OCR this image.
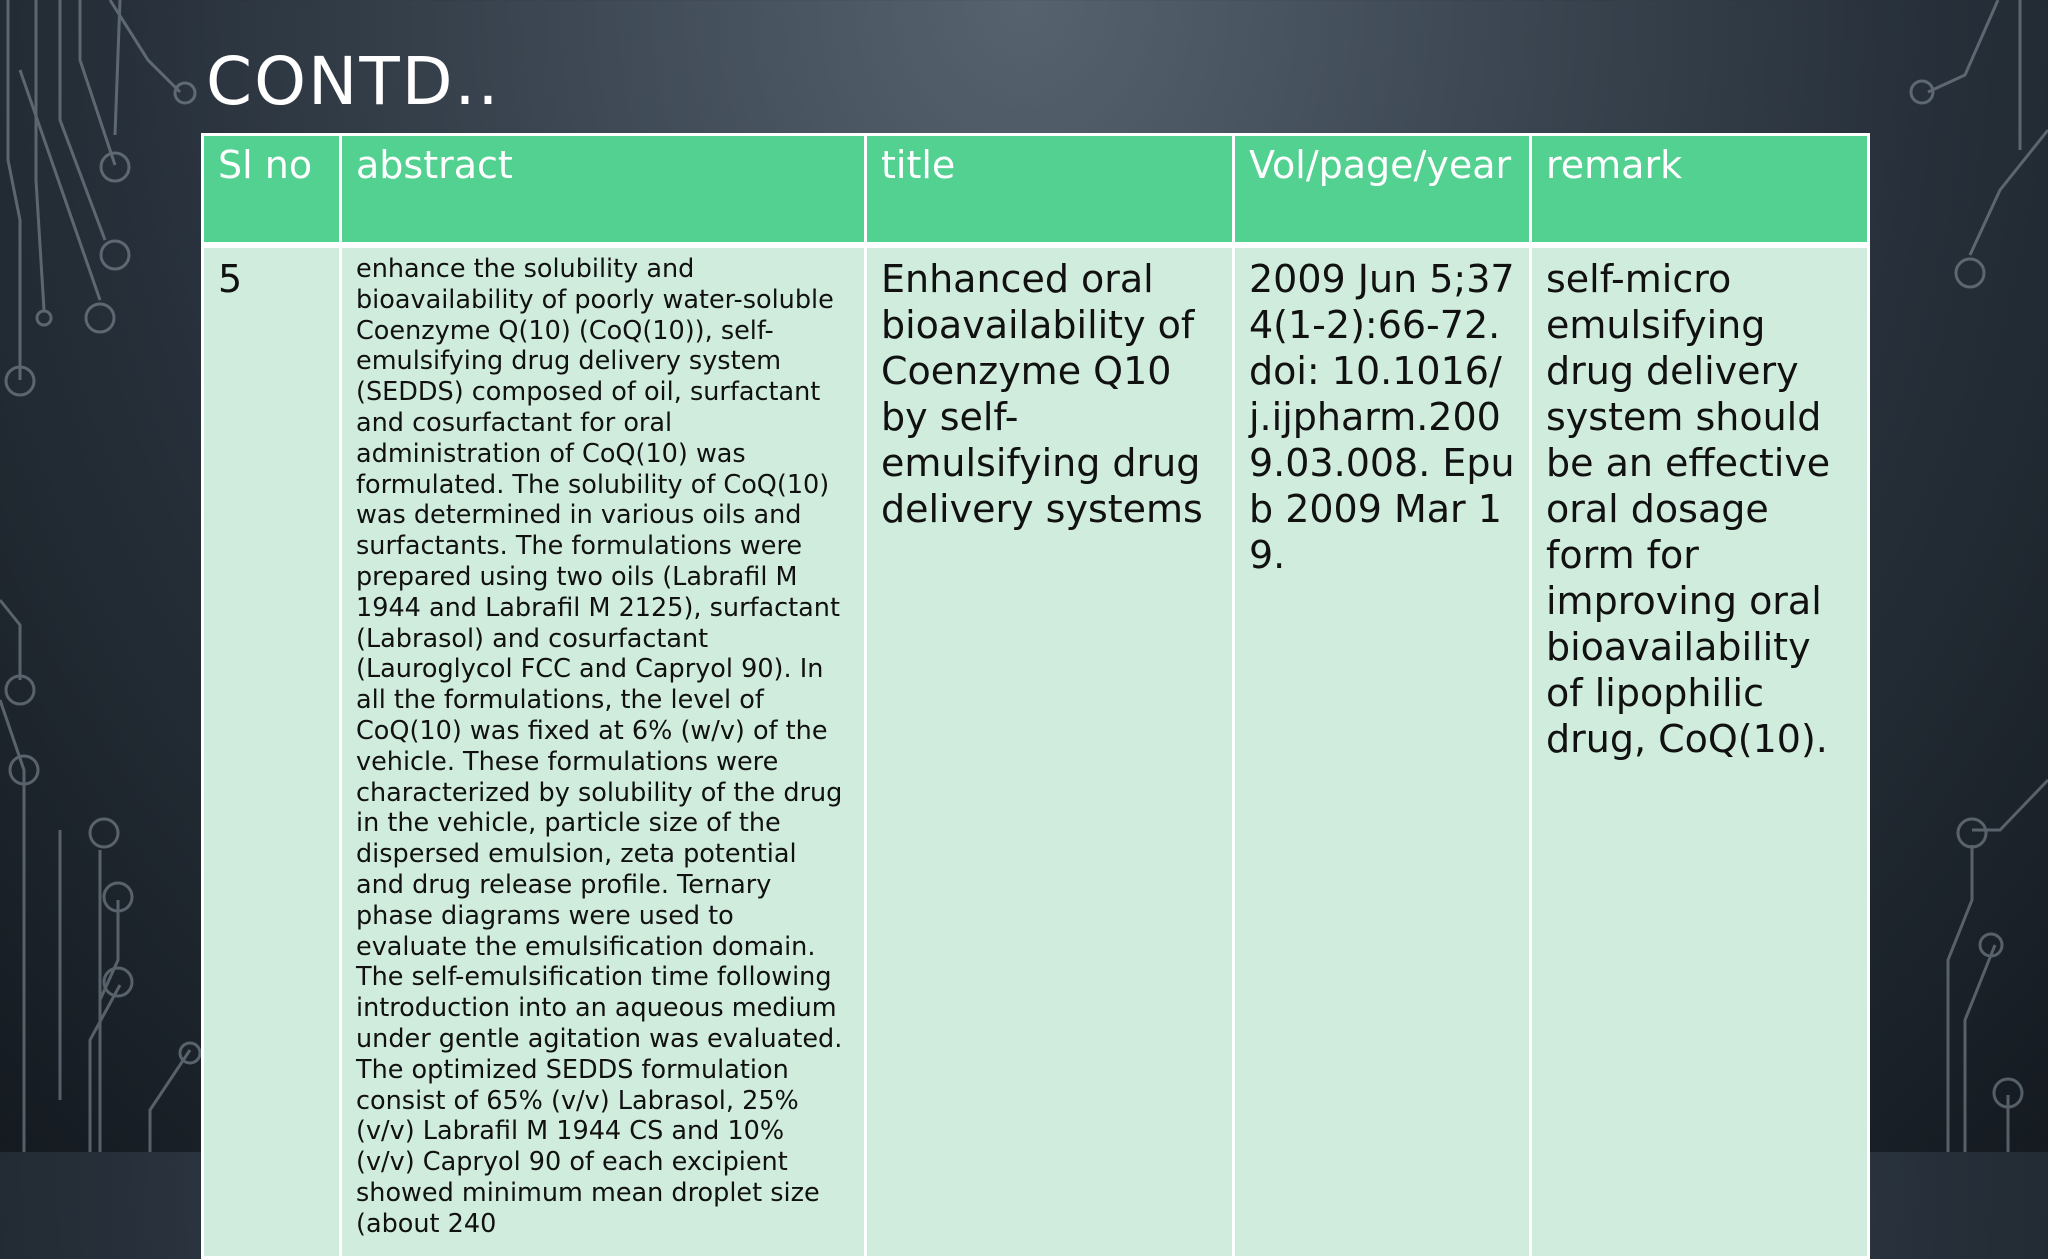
CONTD..
Sl no	abstract	title	Vol/page/year	remark
5	enhance the solubility and bioavailability of poorly water-soluble Coenzyme Q(10) (CoQ(10)), self-emulsifying drug delivery system (SEDDS) composed of oil, surfactant and cosurfactant for oral administration of CoQ(10) was formulated. The solubility of CoQ(10) was determined in various oils and surfactants. The formulations were prepared using two oils (Labrafil M 1944 and Labrafil M 2125), surfactant (Labrasol) and cosurfactant (Lauroglycol FCC and Capryol 90). In all the formulations, the level of CoQ(10) was fixed at 6% (w/v) of the vehicle. These formulations were characterized by solubility of the drug in the vehicle, particle size of the dispersed emulsion, zeta potential and drug release profile. Ternary phase diagrams were used to evaluate the emulsification domain. The self-emulsification time following introduction into an aqueous medium under gentle agitation was evaluated. The optimized SEDDS formulation consist of 65% (v/v) Labrasol, 25% (v/v) Labrafil M 1944 CS and 10% (v/v) Capryol 90 of each excipient showed minimum mean droplet size (about 240	Enhanced oral bioavailability of Coenzyme Q10 by self-emulsifying drug delivery systems	2009 Jun 5;374(1-2):66-72. doi: 10.1016/j.ijpharm.2009.03.008. Epub 2009 Mar 19.	self-micro emulsifying drug delivery system should be an effective oral dosage form for improving oral bioavailability of lipophilic drug, CoQ(10).
